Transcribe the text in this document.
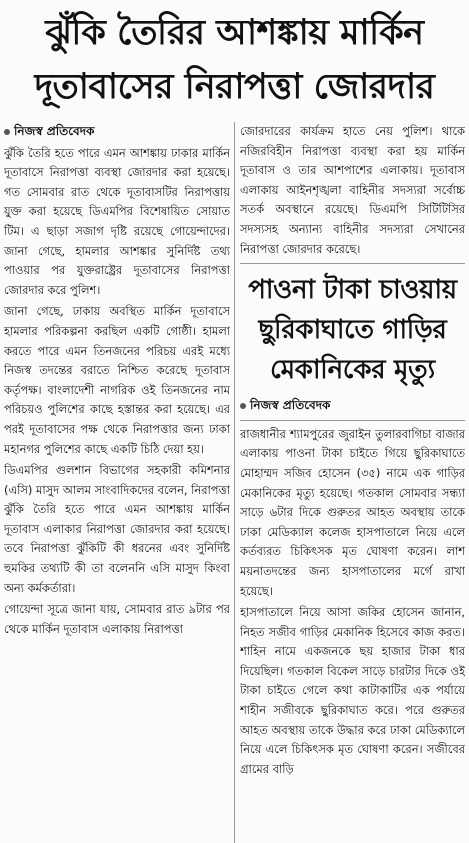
ঝুঁকি তৈরির আশঙ্কায় মার্কিন
দূতাবাসের নিরাপত্তা জোরদার
নিজস্ব প্রতিবেদক

ঝুঁকি তৈরি হতে পারে এমন আশঙ্কায় ঢাকার মার্কিন দূতাবাসে নিরাপত্তা ব্যবস্থা জোরদার করা হয়েছে। গত সোমবার রাত থেকে দূতাবাসটির নিরাপত্তায় যুক্ত করা হয়েছে ডিএমপির বিশেষায়িত সোয়াত টিম। এ ছাড়া সজাগ দৃষ্টি রয়েছে গোয়েন্দাদের। জানা গেছে, হামলার আশঙ্কার সুনির্দিষ্ট তথ্য পাওয়ার পর যুক্তরাষ্ট্রের দূতাবাসের নিরাপত্তা জোরদার করে পুলিশ।

জানা গেছে, ঢাকায় অবস্থিত মার্কিন দূতাবাসে হামলার পরিকল্পনা করছিল একটি গোষ্ঠী। হামলা করতে পারে এমন তিনজনের পরিচয় এরই মধ্যে নিজস্ব তদন্তের বরাতে নিশ্চিত করেছে দূতাবাস কর্তৃপক্ষ। বাংলাদেশী নাগরিক ওই তিনজনের নাম পরিচয়ও পুলিশের কাছে হস্তান্তর করা হয়েছে। এর পরই দূতাবাসের পক্ষ থেকে নিরাপত্তার জন্য ঢাকা মহানগর পুলিশের কাছে একটি চিঠি দেয়া হয়।

ডিএমপির গুলশান বিভাগের সহকারী কমিশনার (এসি) মাসুদ আলম সাংবাদিকদের বলেন, নিরাপত্তা ঝুঁকি তৈরি হতে পারে এমন আশঙ্কায় মার্কিন দূতাবাস এলাকার নিরাপত্তা জোরদার করা হয়েছে। তবে নিরাপত্তা ঝুঁকিটি কী ধরনের এবং সুনির্দিষ্ট হুমকির তথ্যটি কী তা বলেননি এসি মাসুদ কিংবা অন্য কর্মকর্তারা।

গোয়েন্দা সূত্রে জানা যায়, সোমবার রাত ৯টার পর থেকে মার্কিন দূতাবাস এলাকায় নিরাপত্তা

জোরদারের কার্যক্রম হাতে নেয় পুলিশ। থাকে নজিরবিহীন নিরাপত্তা ব্যবস্থা করা হয় মার্কিন দূতাবাস ও তার আশপাশের এলাকায়। দূতাবাস এলাকায় আইনশৃঙ্খলা বাহিনীর সদস্যরা সর্বোচ্চ সতর্ক অবস্থানে রয়েছে। ডিএমপি সিটিটিসির সদস্যসহ অন্যান্য বাহিনীর সদস্যরা সেখানের নিরাপত্তা জোরদার করেছে।

পাওনা টাকা চাওয়ায়
ছুরিকাঘাতে গাড়ির
মেকানিকের মৃত্যু
নিজস্ব প্রতিবেদক

রাজধানীর শ্যামপুরের জুরাইন তুলারবাগিচা বাজার এলাকায় পাওনা টাকা চাইতে গিয়ে ছুরিকাঘাতে মোহাম্মদ সজিব হোসেন (৩৫) নামে এক গাড়ির মেকানিকের মৃত্যু হয়েছে। গতকাল সোমবার সন্ধ্যা সাড়ে ৬টার দিকে গুরুতর আহত অবস্থায় তাকে ঢাকা মেডিক্যাল কলেজ হাসপাতালে নিয়ে এলে কর্তব্যরত চিকিৎসক মৃত ঘোষণা করেন। লাশ ময়নাতদন্তের জন্য হাসপাতালের মর্গে রাখা হয়েছে।

হাসপাতালে নিয়ে আসা জকির হোসেন জানান, নিহত সজীব গাড়ির মেকানিক হিসেবে কাজ করত। শাহিন নামে একজনকে ছয় হাজার টাকা ধার দিয়েছিল। গতকাল বিকেল সাড়ে চারটার দিকে ওই টাকা চাইতে গেলে কথা কাটাকাটির এক পর্যায়ে শাহীন সজীবকে ছুরিকাঘাত করে। পরে গুরুতর আহত অবস্থায় তাকে উদ্ধার করে ঢাকা মেডিক্যালে নিয়ে এলে চিকিৎসক মৃত ঘোষণা করেন। সজীবের গ্রামের বাড়ি
